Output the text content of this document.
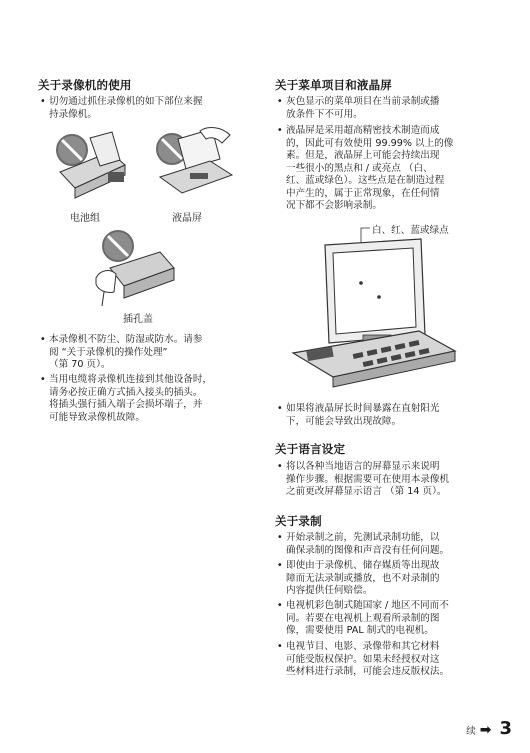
关于录像机的使用
• 切勿通过抓住录像机的如下部位来握
持录像机。
电池组	液晶屏
插孔盖
• 本录像机不防尘、防湿或防水。请参
阅 “关于录像机的操作处理”
（第 70 页）。
• 当用电缆将录像机连接到其他设备时，
请务必按正确方式插入接头的插头。
将插头强行插入端子会损坏端子，并
可能导致录像机故障。
关于菜单项目和液晶屏
• 灰色显示的菜单项目在当前录制或播
放条件下不可用。
• 液晶屏是采用超高精密技术制造而成
的，因此可有效使用 99.99% 以上的像
素。但是，液晶屏上可能会持续出现
一些很小的黑点和 / 或亮点 （白、
红、蓝或绿色）。这些点是在制造过程
中产生的，属于正常现象，在任何情
况下都不会影响录制。
白、红、蓝或绿点
• 如果将液晶屏长时间暴露在直射阳光
下，可能会导致出现故障。
关于语言设定
• 将以各种当地语言的屏幕显示来说明
操作步骤。根据需要可在使用本录像机
之前更改屏幕显示语言 （第 14 页）。
关于录制
• 开始录制之前，先测试录制功能，以
确保录制的图像和声音没有任何问题。
• 即使由于录像机、储存媒质等出现故
障而无法录制或播放，也不对录制的
内容提供任何赔偿。
• 电视机彩色制式随国家 / 地区不同而不
同。若要在电视机上观看所录制的图
像，需要使用 PAL 制式的电视机。
• 电视节目、电影、录像带和其它材料
可能受版权保护。如果未经授权对这
些材料进行录制，可能会违反版权法。
续 ➡ 3
